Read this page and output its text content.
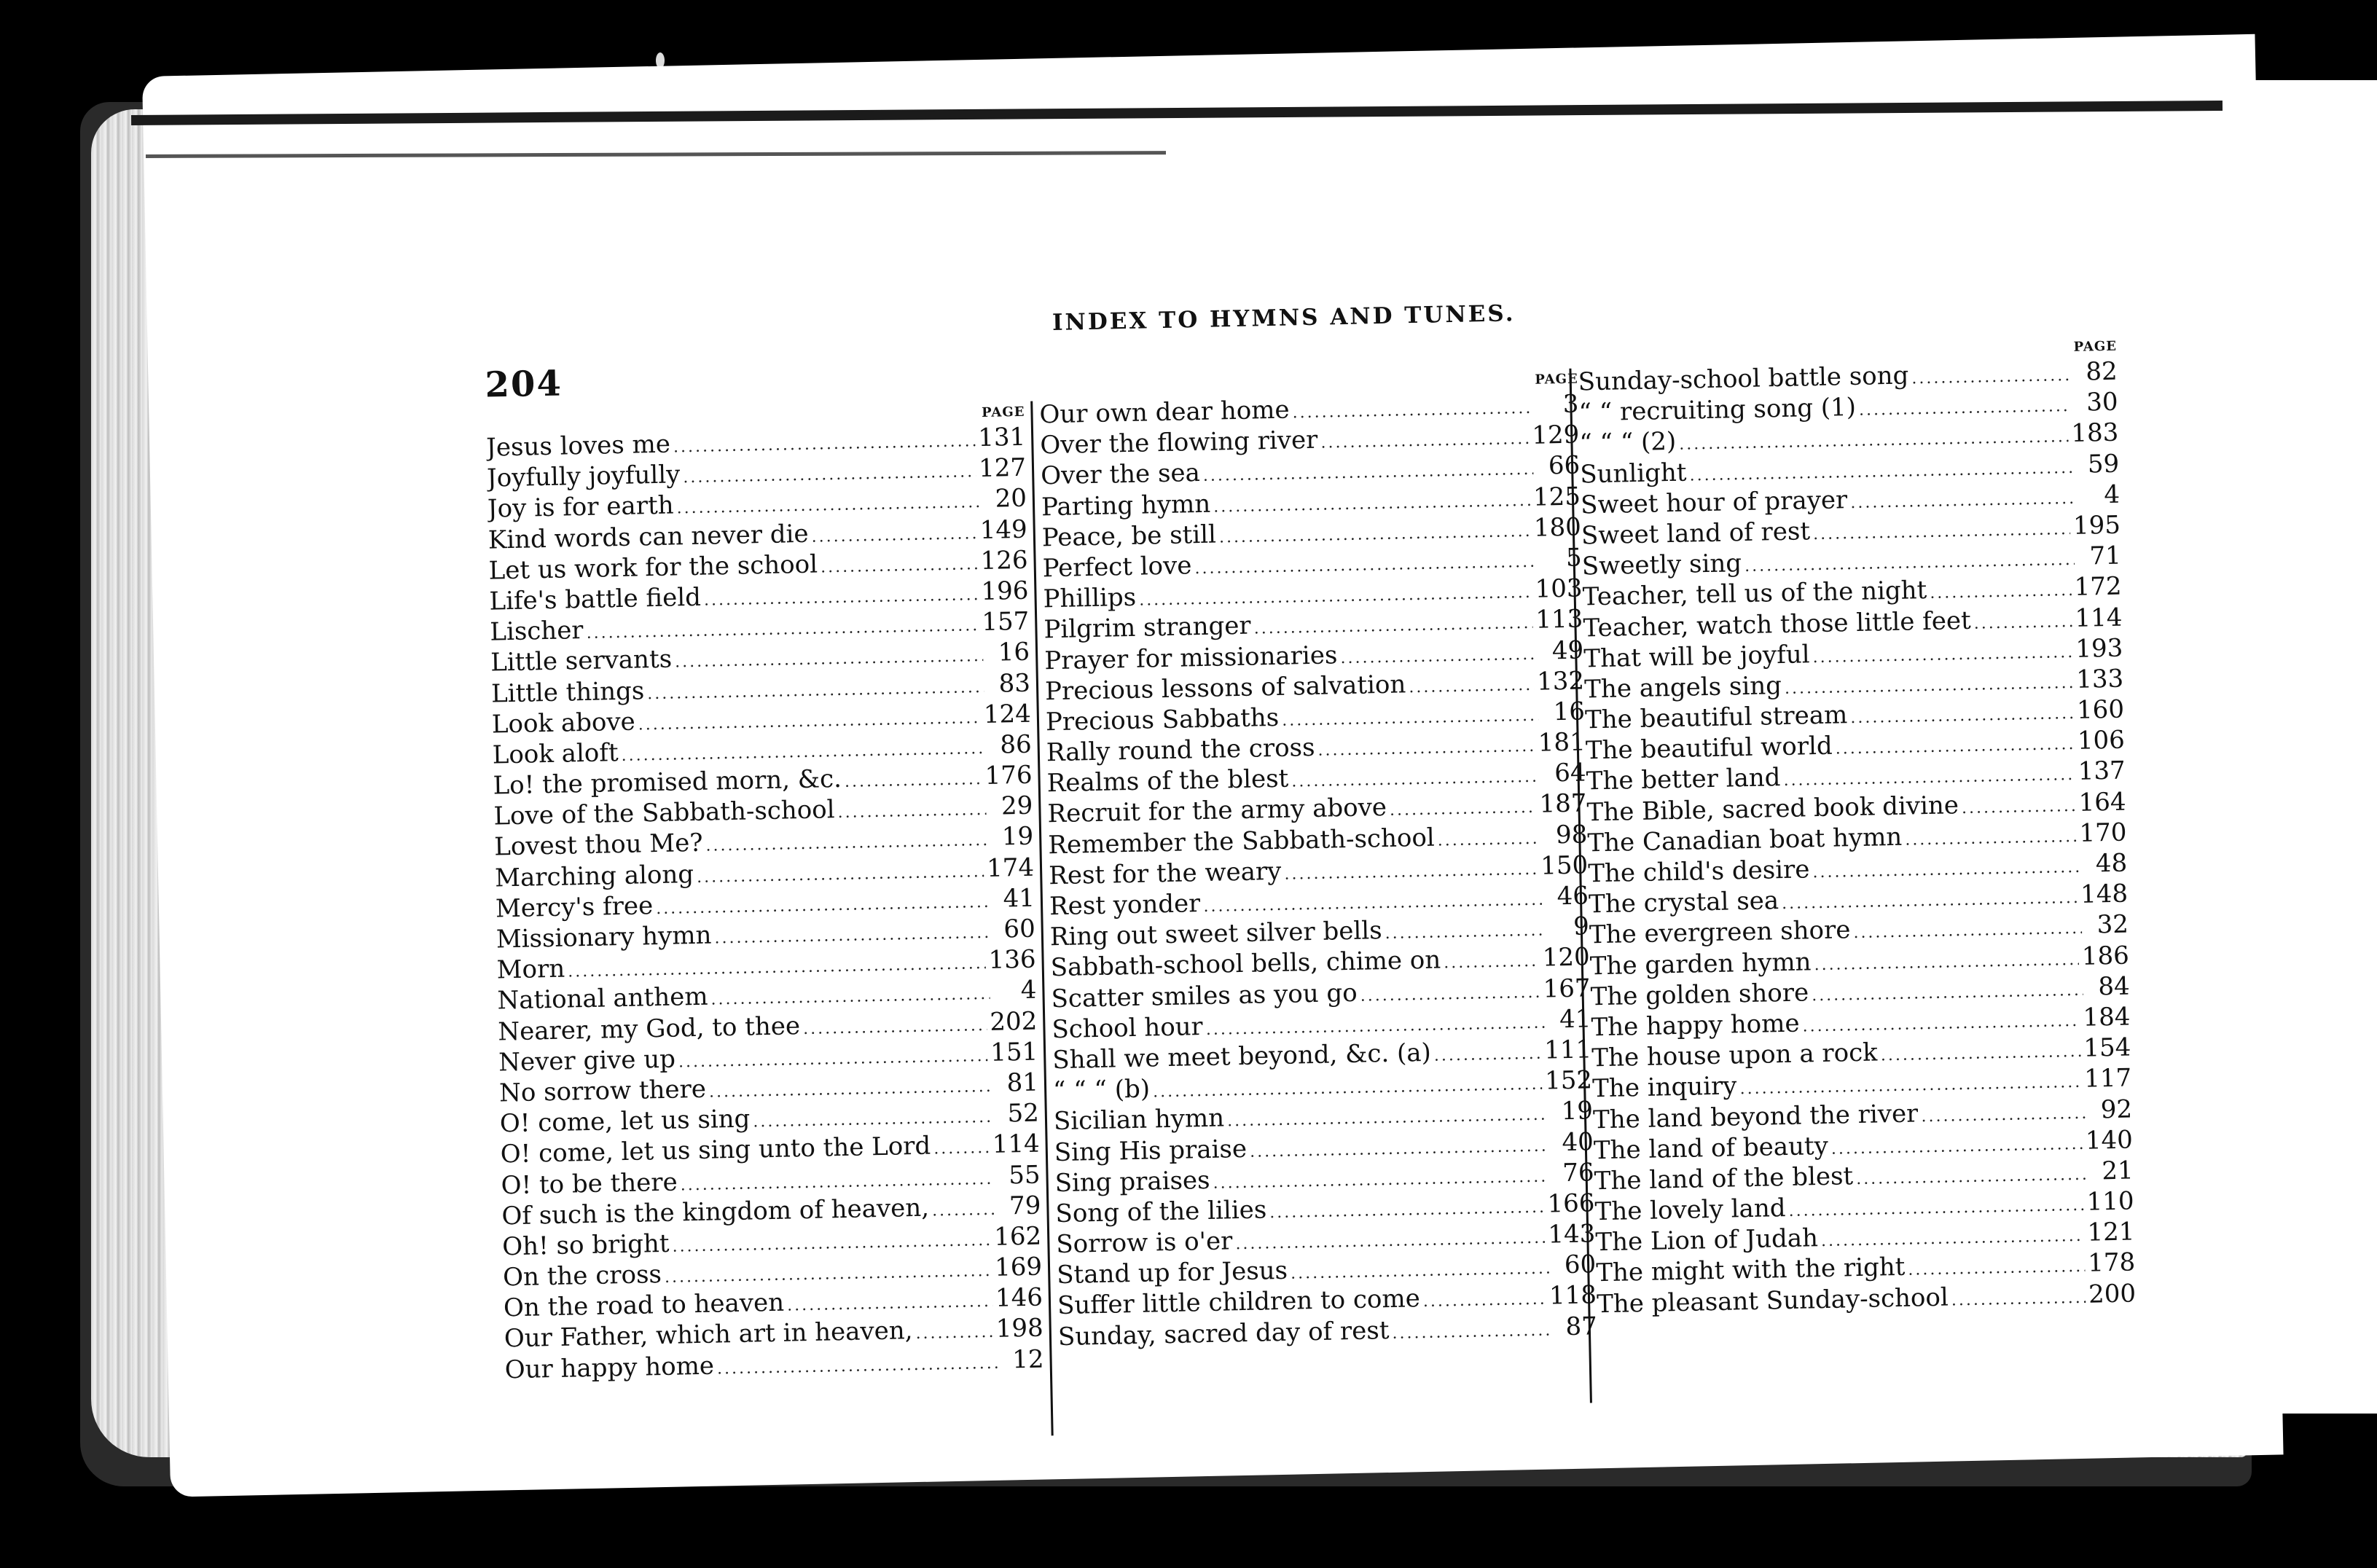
INDEX TO HYMNS AND TUNES.
204
PAGE
Jesus loves me .....	131
Joyfully joyfully .....	127
Joy is for earth .....	20
Kind words can never die .....	149
Let us work for the school .....	126
Life's battle field .....	196
Lischer .....	157
Little servants .....	16
Little things .....	83
Look above .....	124
Look aloft .....	86
Lo! the promised morn, &c. .....	176
Love of the Sabbath-school .....	29
Lovest thou Me? .....	19
Marching along .....	174
Mercy's free .....	41
Missionary hymn .....	60
Morn .....	136
National anthem .....	4
Nearer, my God, to thee .....	202
Never give up .....	151
No sorrow there .....	81
O! come, let us sing .....	52
O! come, let us sing unto the Lord ..... 114
O! to be there .....	55
Of such is the kingdom of heaven, .....	79
Oh! so bright .....	162
On the cross .....	169
On the road to heaven .....	146
Our Father, which art in heaven, .....	198
Our happy home .....	12
PAGE
Our own dear home .....	3
Over the flowing river .....	129
Over the sea .....	66
Parting hymn .....	125
Peace, be still .....	180
Perfect love .....	5
Phillips .....	103
Pilgrim stranger .....	113
Prayer for missionaries .....	49
Precious lessons of salvation .....	132
Precious Sabbaths .....	16
Rally round the cross .....	181
Realms of the blest .....	64
Recruit for the army above .....	187
Remember the Sabbath-school .....	98
Rest for the weary .....	150
Rest yonder .....	46
Ring out sweet silver bells .....	9
Sabbath-school bells, chime on .....	120
Scatter smiles as you go .....	167
School hour .....	41
Shall we meet beyond, &c. (a) .....	111
“ “ “ (b) .....	152
Sicilian hymn .....	19
Sing His praise .....	40
Sing praises .....	76
Song of the lilies .....	166
Sorrow is o'er .....	143
Stand up for Jesus .....	60
Suffer little children to come .....	118
Sunday, sacred day of rest .....	87
PAGE
Sunday-school battle song .....	82
“ “ recruiting song (1) .....	30
“ “ “ (2) .....	183
Sunlight .....	59
Sweet hour of prayer .....	4
Sweet land of rest .....	195
Sweetly sing .....	71
Teacher, tell us of the night .....	172
Teacher, watch those little feet .....	114
That will be joyful .....	193
The angels sing .....	133
The beautiful stream .....	160
The beautiful world .....	106
The better land .....	137
The Bible, sacred book divine .....	164
The Canadian boat hymn .....	170
The child's desire .....	48
The crystal sea .....	148
The evergreen shore .....	32
The garden hymn .....	186
The golden shore .....	84
The happy home .....	184
The house upon a rock .....	154
The inquiry .....	117
The land beyond the river .....	92
The land of beauty .....	140
The land of the blest .....	21
The lovely land .....	110
The Lion of Judah .....	121
The might with the right .....	178
The pleasant Sunday-school .....	200
